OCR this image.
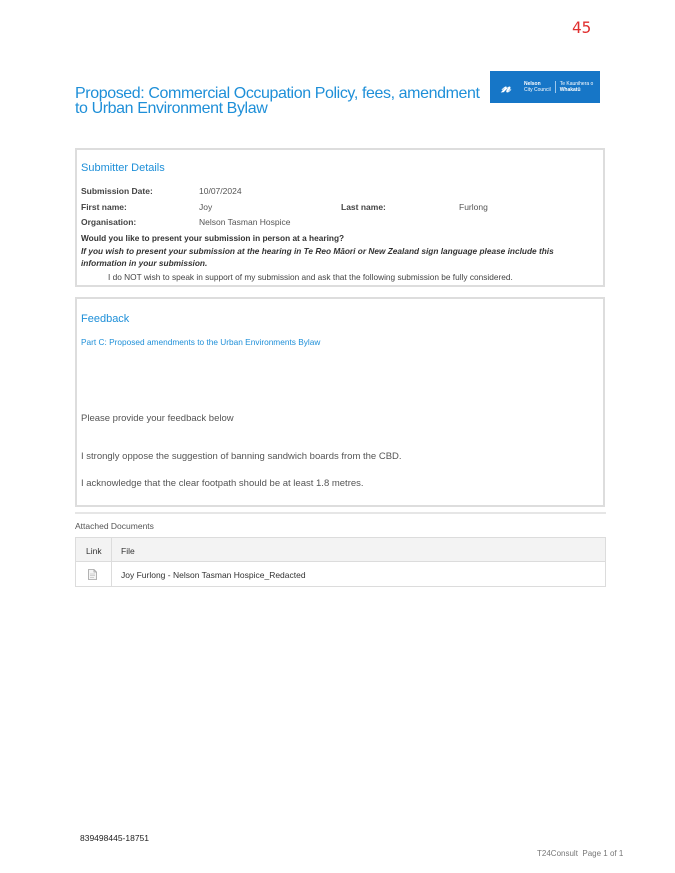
45
Proposed: Commercial Occupation Policy, fees, amendment to Urban Environment Bylaw
𝓃	Nelson
City Council
Te Kaunihera o
Whakatū
Submitter Details
Submission Date:	10/07/2024
First name:	Joy	Last name:	Furlong
Organisation:	Nelson Tasman Hospice
Would you like to present your submission in person at a hearing?
If you wish to present your submission at the hearing in Te Reo Māori or New Zealand sign language please include this information in your submission.
I do NOT wish to speak in support of my submission and ask that the following submission be fully considered.
Feedback
Part C: Proposed amendments to the Urban Environments Bylaw
Please provide your feedback below
I strongly oppose the suggestion of banning sandwich boards from the CBD.
I acknowledge that the clear footpath should be at least 1.8 metres.
Attached Documents
Link File
Joy Furlong - Nelson Tasman Hospice_Redacted
839498445-18751
T24Consult Page 1 of 1
